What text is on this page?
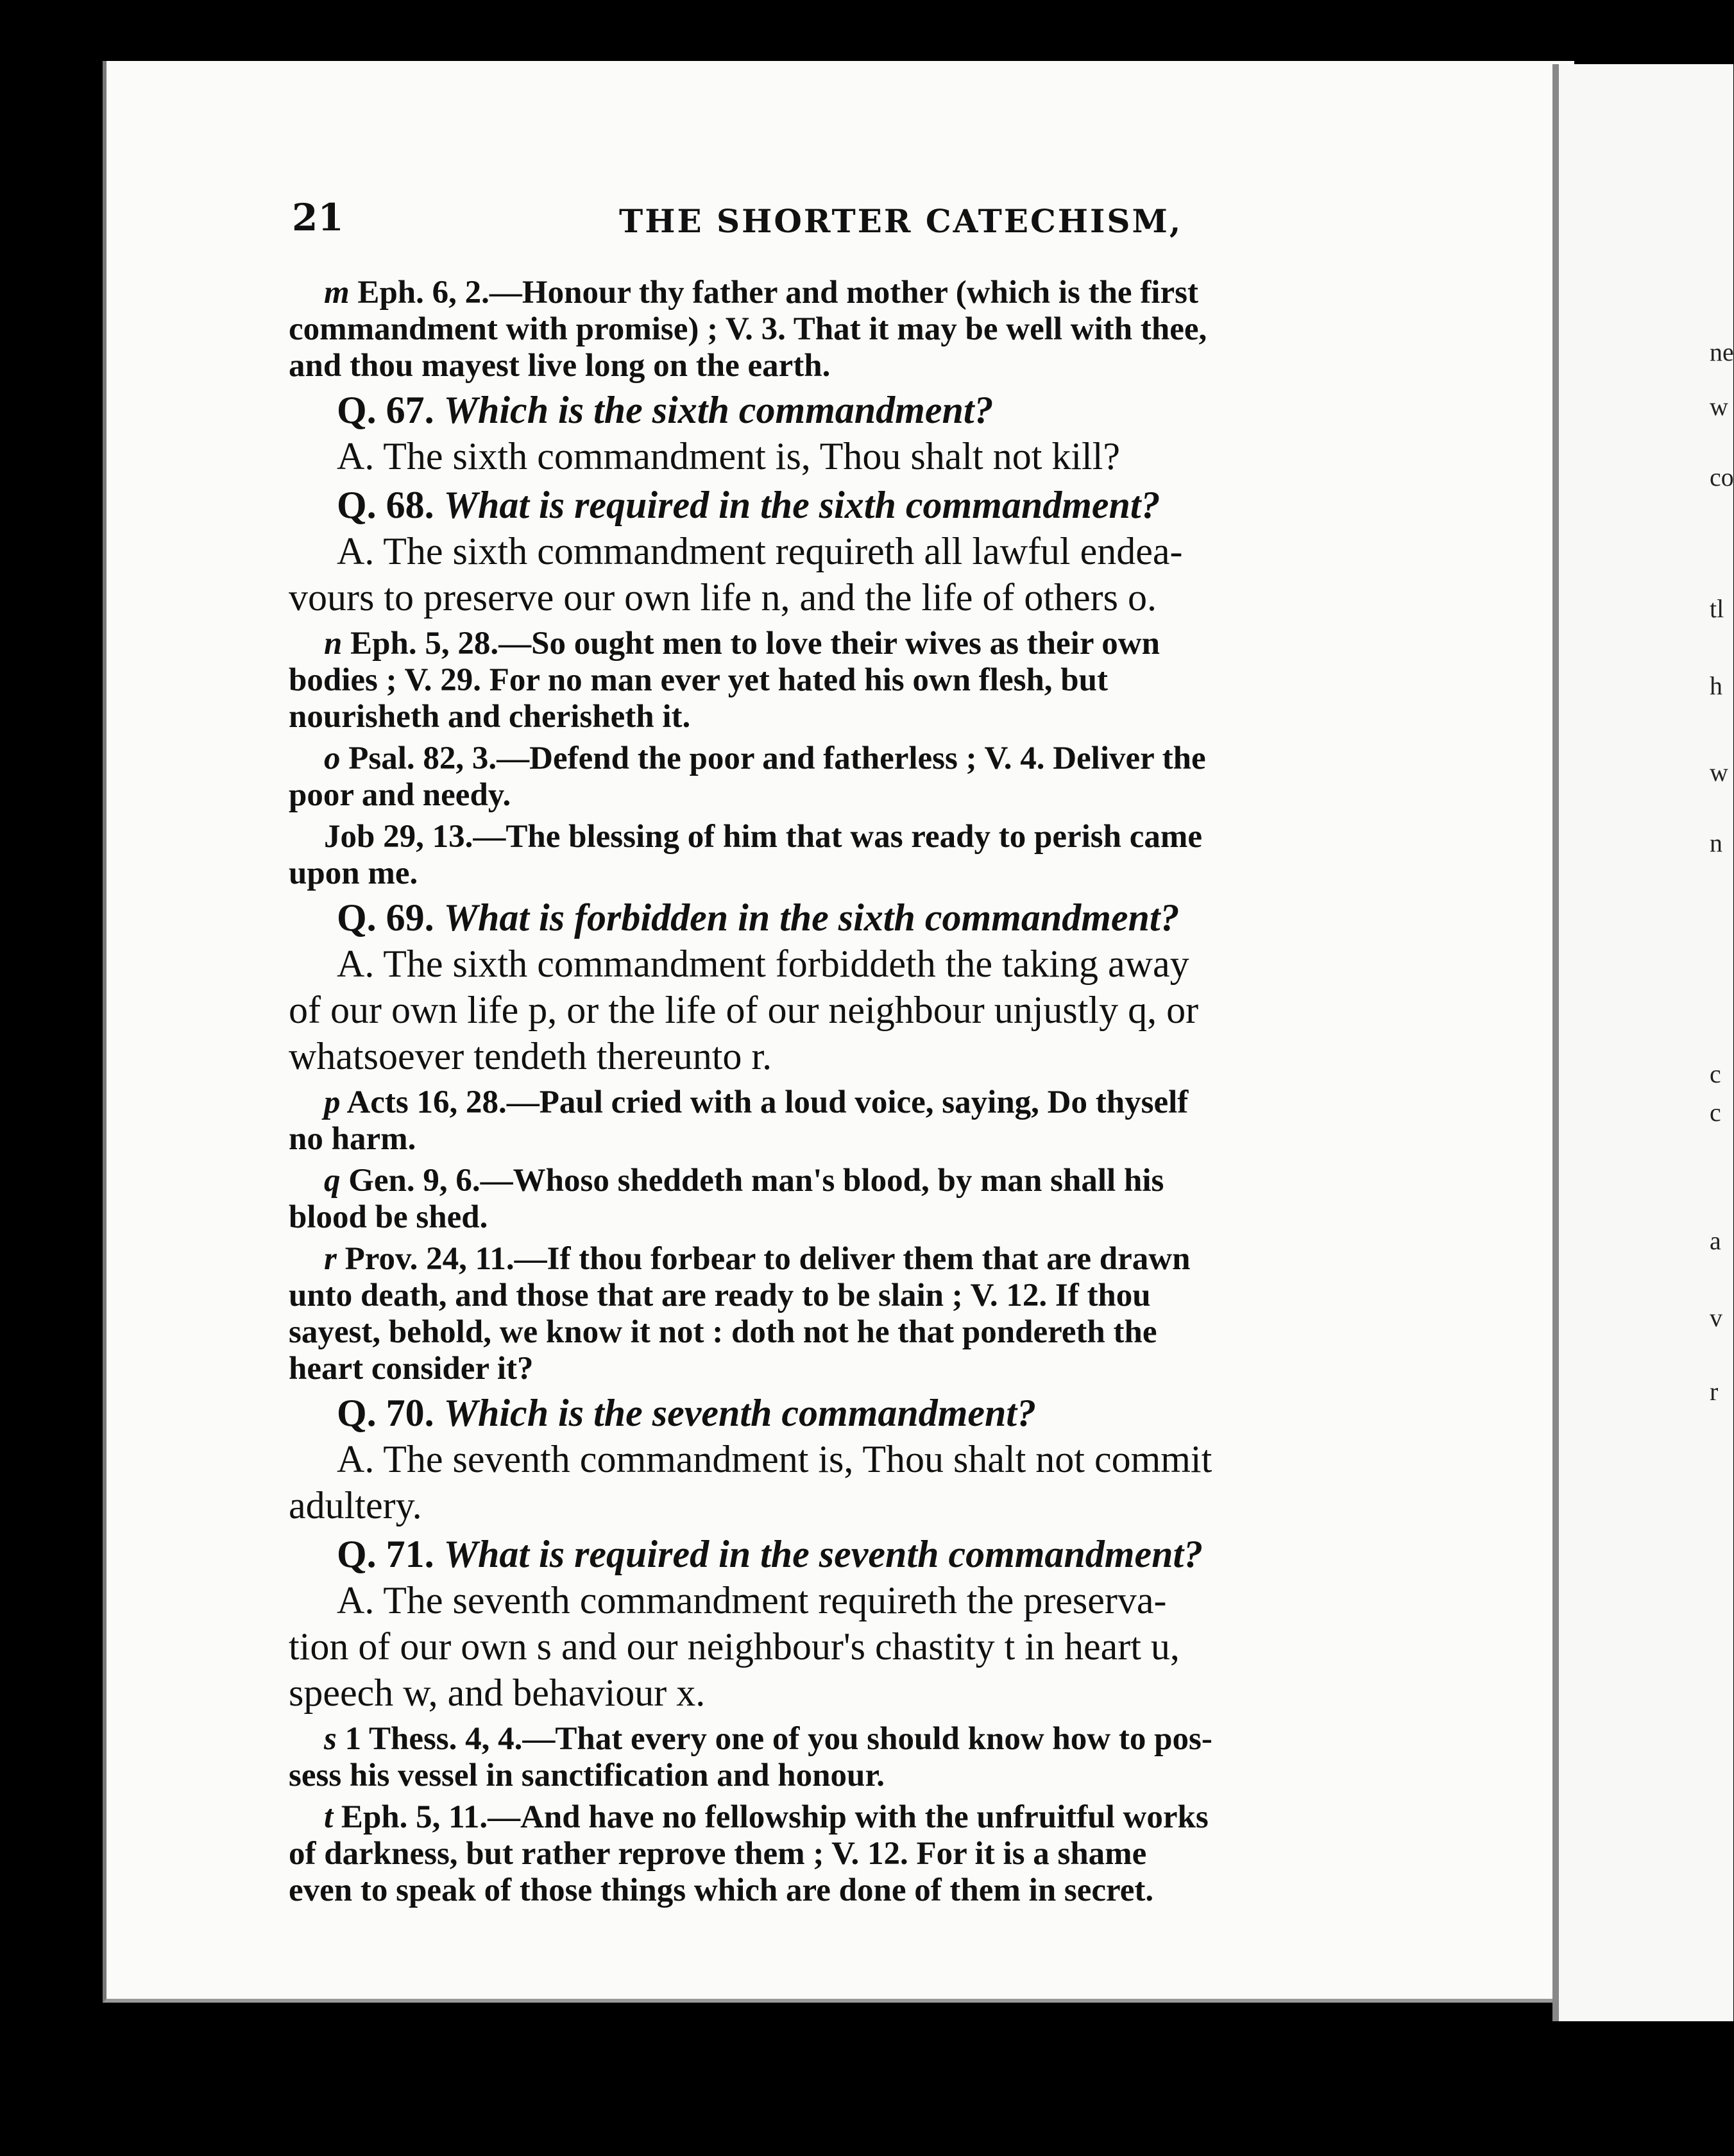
ne
w
co
tl
h
w
n
c
c
a
v
r
21	THE SHORTER CATECHISM,
m Eph. 6, 2.—Honour thy father and mother (which is the first
commandment with promise) ; V. 3. That it may be well with thee,
and thou mayest live long on the earth.
Q. 67. Which is the sixth commandment?
A. The sixth commandment is, Thou shalt not kill?
Q. 68. What is required in the sixth commandment?
A. The sixth commandment requireth all lawful endea-
vours to preserve our own life n, and the life of others o.
n Eph. 5, 28.—So ought men to love their wives as their own
bodies ; V. 29. For no man ever yet hated his own flesh, but
nourisheth and cherisheth it.
o Psal. 82, 3.—Defend the poor and fatherless ; V. 4. Deliver the
poor and needy.
Job 29, 13.—The blessing of him that was ready to perish came
upon me.
Q. 69. What is forbidden in the sixth commandment?
A. The sixth commandment forbiddeth the taking away
of our own life p, or the life of our neighbour unjustly q, or
whatsoever tendeth thereunto r.
p Acts 16, 28.—Paul cried with a loud voice, saying, Do thyself
no harm.
q Gen. 9, 6.—Whoso sheddeth man's blood, by man shall his
blood be shed.
r Prov. 24, 11.—If thou forbear to deliver them that are drawn
unto death, and those that are ready to be slain ; V. 12. If thou
sayest, behold, we know it not : doth not he that pondereth the
heart consider it?
Q. 70. Which is the seventh commandment?
A. The seventh commandment is, Thou shalt not commit
adultery.
Q. 71. What is required in the seventh commandment?
A. The seventh commandment requireth the preserva-
tion of our own s and our neighbour's chastity t in heart u,
speech w, and behaviour x.
s 1 Thess. 4, 4.—That every one of you should know how to pos-
sess his vessel in sanctification and honour.
t Eph. 5, 11.—And have no fellowship with the unfruitful works
of darkness, but rather reprove them ; V. 12. For it is a shame
even to speak of those things which are done of them in secret.
